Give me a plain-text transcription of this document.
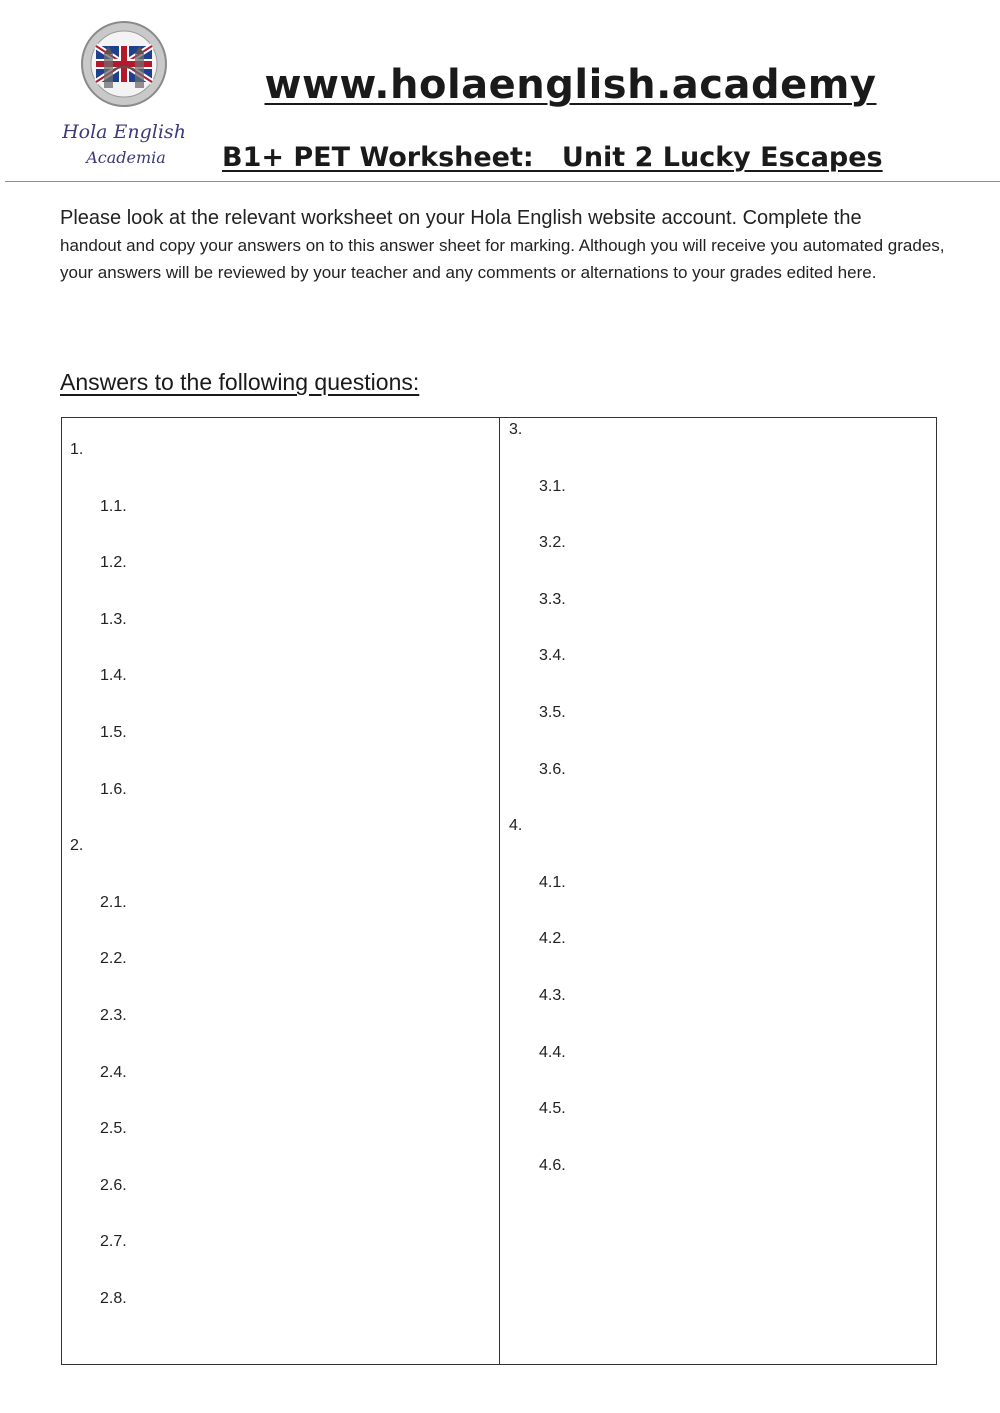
Hola English
Academia
www.holaenglish.academy
B1+ PET Worksheet:   Unit 2 Lucky Escapes
Please look at the relevant worksheet on your Hola English website account. Complete the
handout and copy your answers on to this answer sheet for marking. Although you will receive you automated grades, your answers will be reviewed by your teacher and any comments or alternations to your grades edited here.
Answers to the following questions:
1.
1.1.
1.2.
1.3.
1.4.
1.5.
1.6.
2.
2.1.
2.2.
2.3.
2.4.
2.5.
2.6.
2.7.
2.8.
3.
3.1.
3.2.
3.3.
3.4.
3.5.
3.6.
4.
4.1.
4.2.
4.3.
4.4.
4.5.
4.6.
